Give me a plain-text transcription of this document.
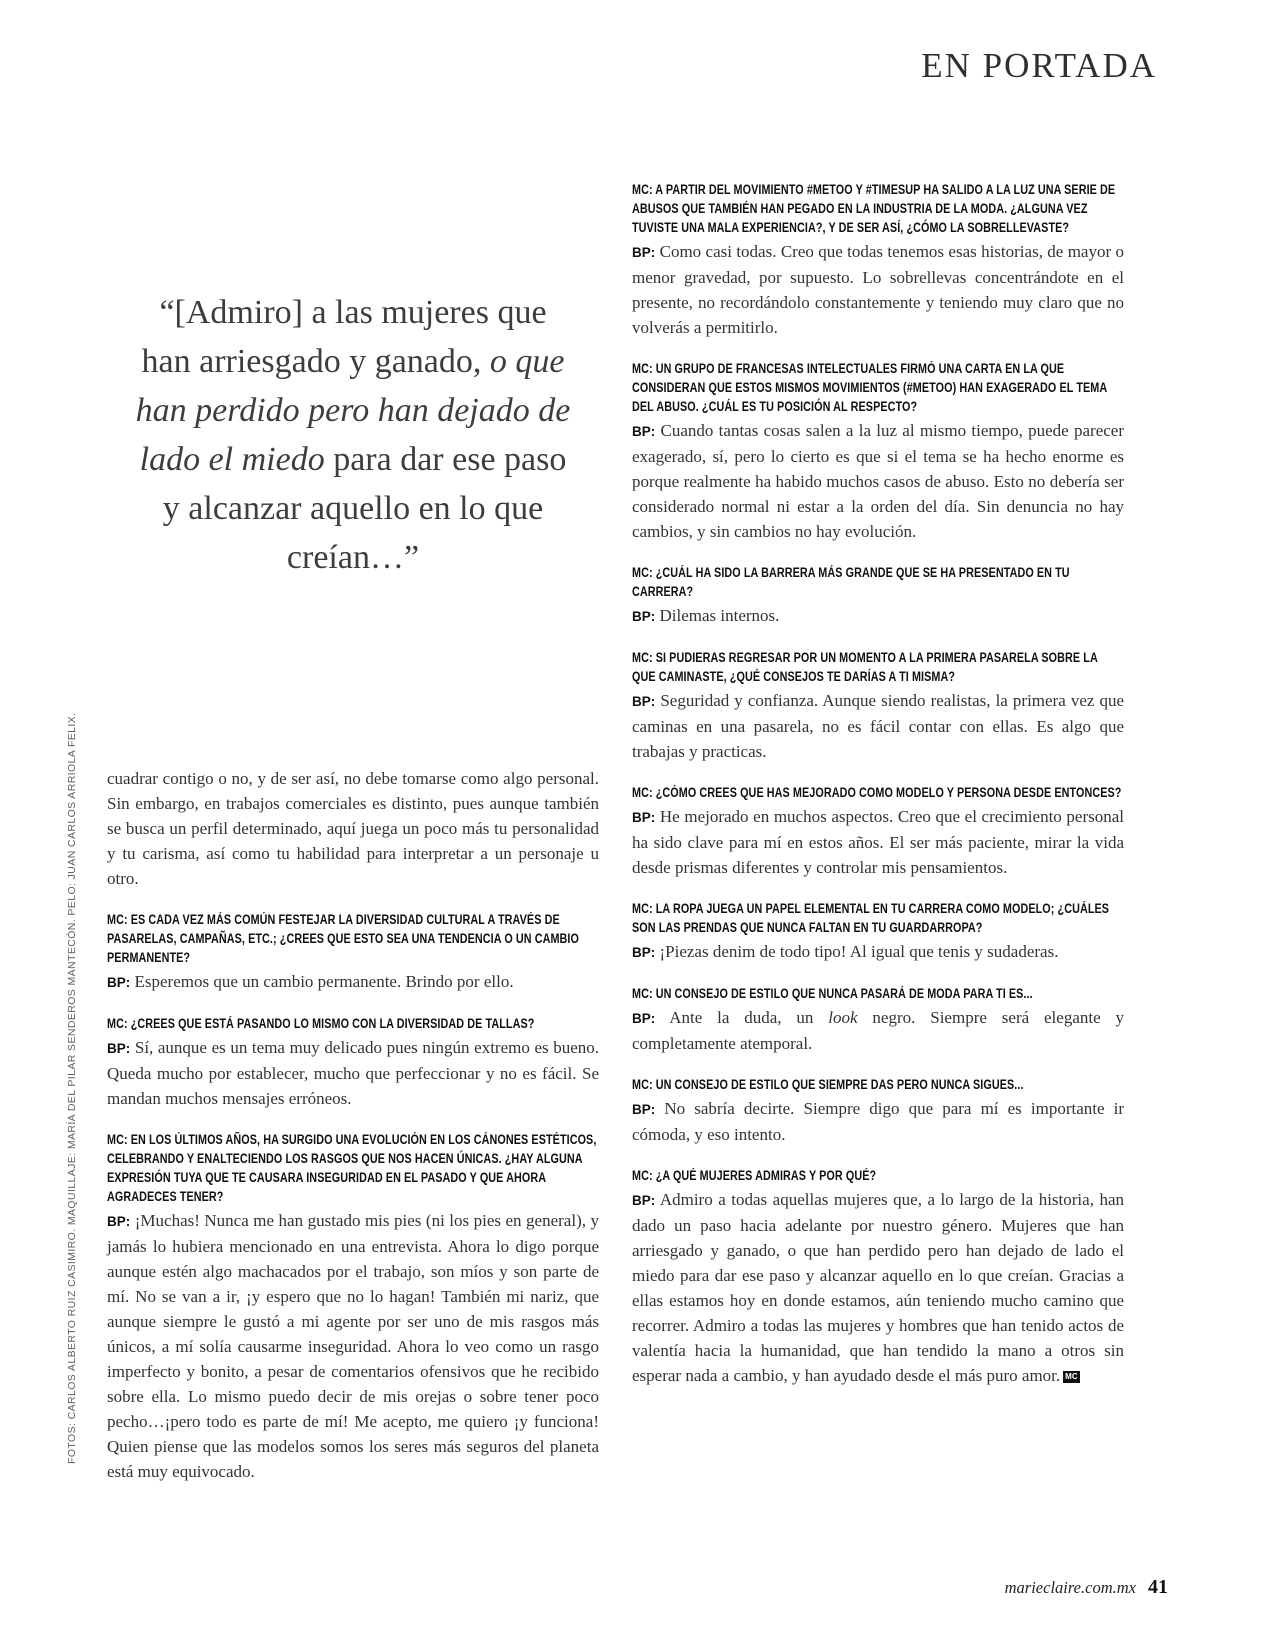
EN PORTADA
“[Admiro] a las mujeres que han arriesgado y ganado, o que han perdido pero han dejado de lado el miedo para dar ese paso y alcanzar aquello en lo que creían…”
FOTOS: CARLOS ALBERTO RUIZ CASIMIRO. MAQUILLAJE: MARÍA DEL PILAR SENDEROS MANTECÓN. PELO: JUAN CARLOS ARRIOLA FELIX. cuadrar contigo o no, y de ser así, no debe tomarse como algo personal. Sin embargo, en trabajos comerciales es distinto, pues aunque también se busca un perfil determinado, aquí juega un poco más tu personalidad y tu carisma, así como tu habilidad para interpretar a un personaje u otro.

MC: ES CADA VEZ MÁS COMÚN FESTEJAR LA DIVERSIDAD CULTURAL A TRAVÉS DE PASARELAS, CAMPAÑAS, ETC.; ¿CREES QUE ESTO SEA UNA TENDENCIA O UN CAMBIO PERMANENTE?
BP: Esperemos que un cambio permanente. Brindo por ello.
MC: ¿CREES QUE ESTÁ PASANDO LO MISMO CON LA DIVERSIDAD DE TALLAS?
BP: Sí, aunque es un tema muy delicado pues ningún extremo es bueno. Queda mucho por establecer, mucho que perfeccionar y no es fácil. Se mandan muchos mensajes erróneos.
MC: EN LOS ÚLTIMOS AÑOS, HA SURGIDO UNA EVOLUCIÓN EN LOS CÁNONES ESTÉTICOS, CELEBRANDO Y ENALTECIENDO LOS RASGOS QUE NOS HACEN ÚNICAS. ¿HAY ALGUNA EXPRESIÓN TUYA QUE TE CAUSARA INSEGURIDAD EN EL PASADO Y QUE AHORA AGRADECES TENER?
BP: ¡Muchas! Nunca me han gustado mis pies (ni los pies en general), y jamás lo hubiera mencionado en una entrevista. Ahora lo digo porque aunque estén algo machacados por el trabajo, son míos y son parte de mí. No se van a ir, ¡y espero que no lo hagan! También mi nariz, que aunque siempre le gustó a mi agente por ser uno de mis rasgos más únicos, a mí solía causarme inseguridad. Ahora lo veo como un rasgo imperfecto y bonito, a pesar de comentarios ofensivos que he recibido sobre ella. Lo mismo puedo decir de mis orejas o sobre tener poco pecho…¡pero todo es parte de mí! Me acepto, me quiero ¡y funciona! Quien piense que las modelos somos los seres más seguros del planeta está muy equivocado.
MC: A PARTIR DEL MOVIMIENTO #METOO Y #TIMESUP HA SALIDO A LA LUZ UNA SERIE DE ABUSOS QUE TAMBIÉN HAN PEGADO EN LA INDUSTRIA DE LA MODA. ¿ALGUNA VEZ TUVISTE UNA MALA EXPERIENCIA?, Y DE SER ASÍ, ¿CÓMO LA SOBRELLEVASTE?
BP: Como casi todas. Creo que todas tenemos esas historias, de mayor o menor gravedad, por supuesto. Lo sobrellevas concentrándote en el presente, no recordándolo constantemente y teniendo muy claro que no volverás a permitirlo.
MC: UN GRUPO DE FRANCESAS INTELECTUALES FIRMÓ UNA CARTA EN LA QUE CONSIDERAN QUE ESTOS MISMOS MOVIMIENTOS (#METOO) HAN EXAGERADO EL TEMA DEL ABUSO. ¿CUÁL ES TU POSICIÓN AL RESPECTO?
BP: Cuando tantas cosas salen a la luz al mismo tiempo, puede parecer exagerado, sí, pero lo cierto es que si el tema se ha hecho enorme es porque realmente ha habido muchos casos de abuso. Esto no debería ser considerado normal ni estar a la orden del día. Sin denuncia no hay cambios, y sin cambios no hay evolución.
MC: ¿CUÁL HA SIDO LA BARRERA MÁS GRANDE QUE SE HA PRESENTADO EN TU CARRERA?
BP: Dilemas internos.
MC: SI PUDIERAS REGRESAR POR UN MOMENTO A LA PRIMERA PASARELA SOBRE LA QUE CAMINASTE, ¿QUÉ CONSEJOS TE DARÍAS A TI MISMA?
BP: Seguridad y confianza. Aunque siendo realistas, la primera vez que caminas en una pasarela, no es fácil contar con ellas. Es algo que trabajas y practicas.
MC: ¿CÓMO CREES QUE HAS MEJORADO COMO MODELO Y PERSONA DESDE ENTONCES?
BP: He mejorado en muchos aspectos. Creo que el crecimiento personal ha sido clave para mí en estos años. El ser más paciente, mirar la vida desde prismas diferentes y controlar mis pensamientos.
MC: LA ROPA JUEGA UN PAPEL ELEMENTAL EN TU CARRERA COMO MODELO; ¿CUÁLES SON LAS PRENDAS QUE NUNCA FALTAN EN TU GUARDARROPA?
BP: ¡Piezas denim de todo tipo! Al igual que tenis y sudaderas.
MC: UN CONSEJO DE ESTILO QUE NUNCA PASARÁ DE MODA PARA TI ES...
BP: Ante la duda, un look negro. Siempre será elegante y completamente atemporal.
MC: UN CONSEJO DE ESTILO QUE SIEMPRE DAS PERO NUNCA SIGUES...
BP: No sabría decirte. Siempre digo que para mí es importante ir cómoda, y eso intento.
MC: ¿A QUÉ MUJERES ADMIRAS Y POR QUÉ?
BP: Admiro a todas aquellas mujeres que, a lo largo de la historia, han dado un paso hacia adelante por nuestro género. Mujeres que han arriesgado y ganado, o que han perdido pero han dejado de lado el miedo para dar ese paso y alcanzar aquello en lo que creían. Gracias a ellas estamos hoy en donde estamos, aún teniendo mucho camino que recorrer. Admiro a todas las mujeres y hombres que han tenido actos de valentía hacia la humanidad, que han tendido la mano a otros sin esperar nada a cambio, y han ayudado desde el más puro amor. MC
marieclaire.com.mx 41
